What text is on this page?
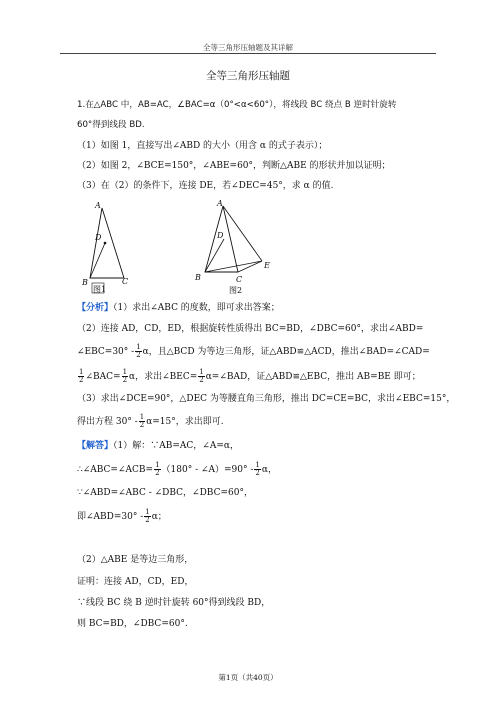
全等三角形压轴题及其详解
全等三角形压轴题
1.在△ABC 中，AB=AC，∠BAC=α（0°<α<60°），将线段 BC 绕点 B 逆时针旋转
60°得到线段 BD.
（1）如图 1，直接写出∠ABD 的大小（用含 α 的式子表示）；
（2）如图 2，∠BCE=150°，∠ABE=60°，判断△ABE 的形状并加以证明；
（3）在（2）的条件下，连接 DE，若∠DEC=45°，求 α 的值.
A
D
B	C
图1
A
D
B	C
E
图2
【分析】（1）求出∠ABC 的度数，即可求出答案；
（2）连接 AD，CD，ED，根据旋转性质得出 BC=BD，∠DBC=60°，求出∠ABD=
∠EBC=30° - $\frac{1}{2}$ α，且△BCD 为等边三角形，证△ABD≌△ACD，推出∠BAD=∠CAD=
$\frac{1}{2}$ ∠BAC= $\frac{1}{2}$ α，求出∠BEC= $\frac{1}{2}$ α=∠BAD，证△ABD≌△EBC，推出 AB=BE 即可；
（3）求出∠DCE=90°，△DEC 为等腰直角三角形，推出 DC=CE=BC，求出∠EBC=15°，
得出方程 $30^\circ - \frac{1}{2} \alpha=15^\circ$，求出即可.
【解答】（1）解：∵AB=AC，∠A=α，
∴∠ABC=∠ACB= $\frac{1}{2} (180^\circ$ - ∠A）=90° - $\frac{1}{2}$ α，
∵∠ABD=∠ABC - ∠DBC，∠DBC=60°，
即∠ABD=30° - $\frac{1}{2}$ α；
（2）△ABE 是等边三角形，
证明：连接 AD，CD，ED，
∵线段 BC 绕 B 逆时针旋转 60°得到线段 BD，
则 BC=BD，∠DBC=60°.
第1页（共40页）
